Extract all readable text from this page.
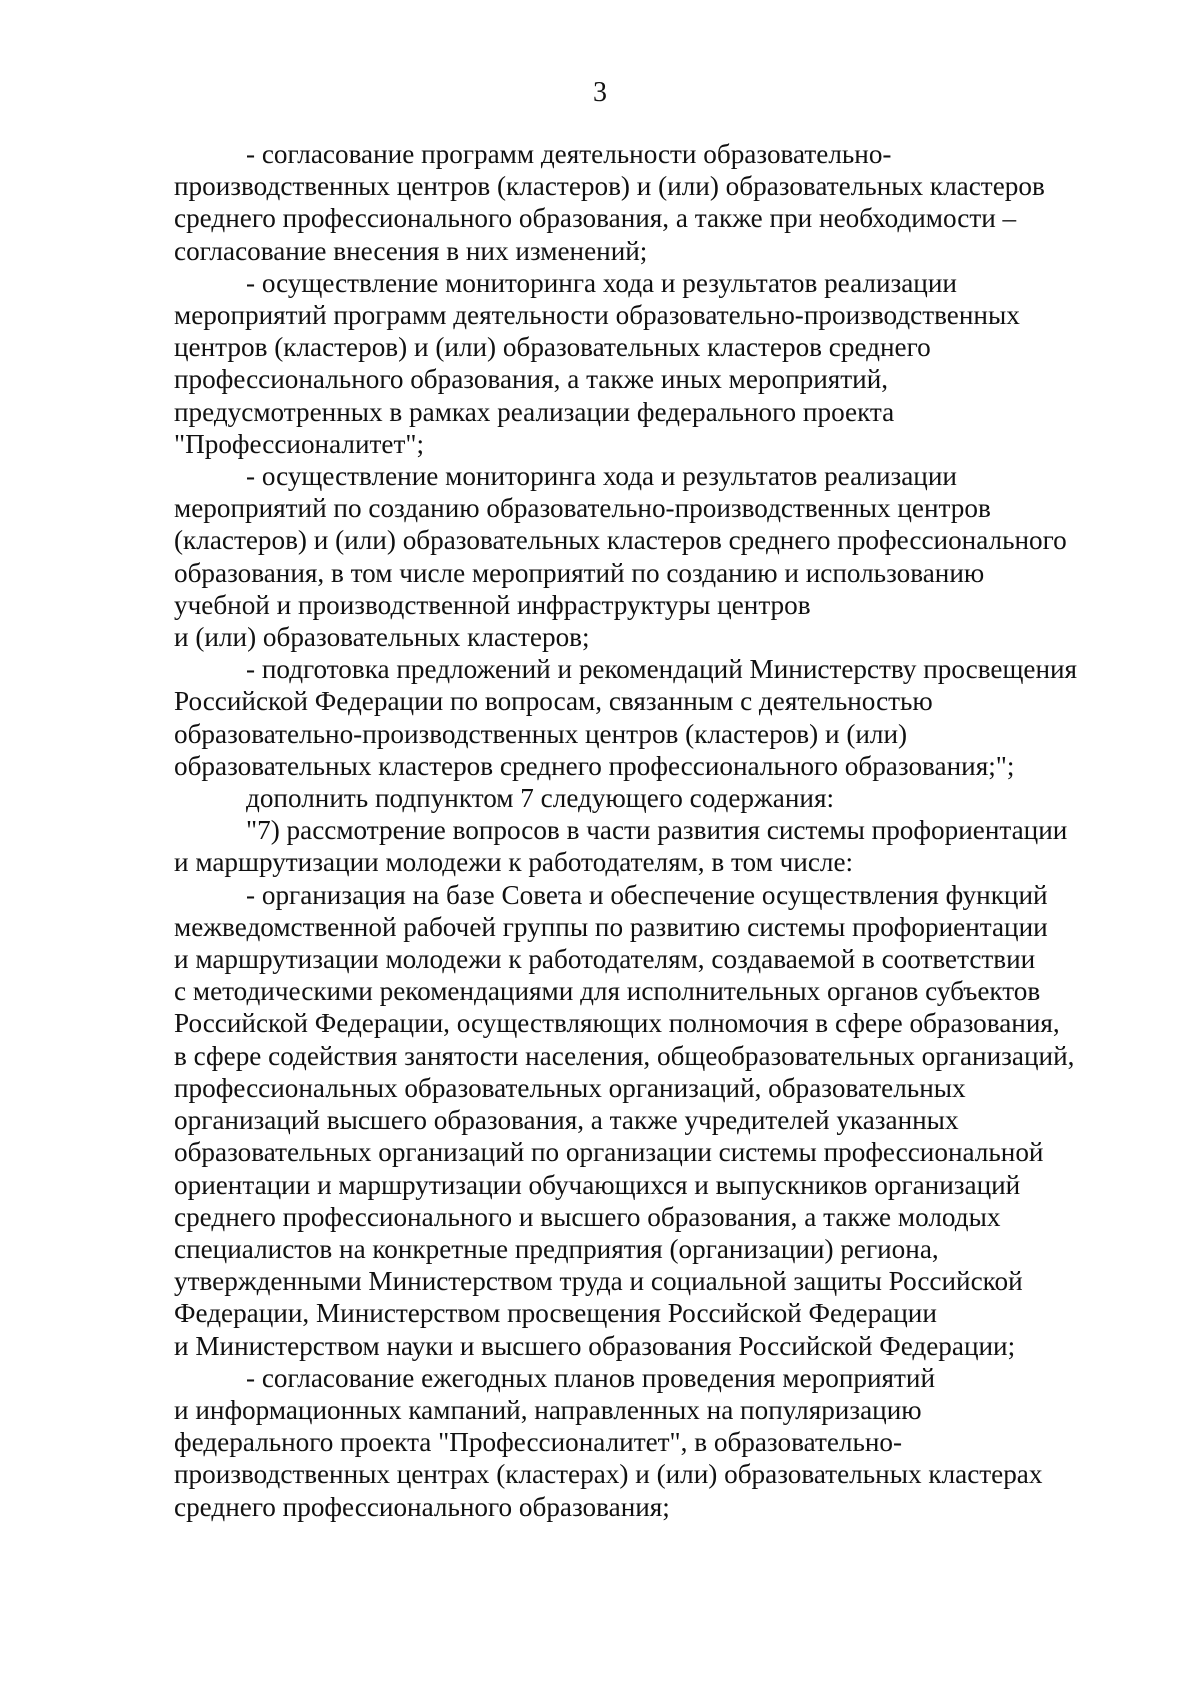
3

- согласование программ деятельности образовательно-
производственных центров (кластеров) и (или) образовательных кластеров
среднего профессионального образования, а также при необходимости –
согласование внесения в них изменений;

- осуществление мониторинга хода и результатов реализации
мероприятий программ деятельности образовательно-производственных
центров (кластеров) и (или) образовательных кластеров среднего
профессионального образования, а также иных мероприятий,
предусмотренных в рамках реализации федерального проекта
"Профессионалитет";

- осуществление мониторинга хода и результатов реализации
мероприятий по созданию образовательно-производственных центров
(кластеров) и (или) образовательных кластеров среднего профессионального
образования, в том числе мероприятий по созданию и использованию
учебной и производственной инфраструктуры центров
и (или) образовательных кластеров;

- подготовка предложений и рекомендаций Министерству просвещения
Российской Федерации по вопросам, связанным с деятельностью
образовательно-производственных центров (кластеров) и (или)
образовательных кластеров среднего профессионального образования;";

дополнить подпунктом 7 следующего содержания:

"7) рассмотрение вопросов в части развития системы профориентации
и маршрутизации молодежи к работодателям, в том числе:

- организация на базе Совета и обеспечение осуществления функций
межведомственной рабочей группы по развитию системы профориентации
и маршрутизации молодежи к работодателям, создаваемой в соответствии
с методическими рекомендациями для исполнительных органов субъектов
Российской Федерации, осуществляющих полномочия в сфере образования,
в сфере содействия занятости населения, общеобразовательных организаций,
профессиональных образовательных организаций, образовательных
организаций высшего образования, а также учредителей указанных
образовательных организаций по организации системы профессиональной
ориентации и маршрутизации обучающихся и выпускников организаций
среднего профессионального и высшего образования, а также молодых
специалистов на конкретные предприятия (организации) региона,
утвержденными Министерством труда и социальной защиты Российской
Федерации, Министерством просвещения Российской Федерации
и Министерством науки и высшего образования Российской Федерации;

- согласование ежегодных планов проведения мероприятий
и информационных кампаний, направленных на популяризацию
федерального проекта "Профессионалитет", в образовательно-
производственных центрах (кластерах) и (или) образовательных кластерах
среднего профессионального образования;
